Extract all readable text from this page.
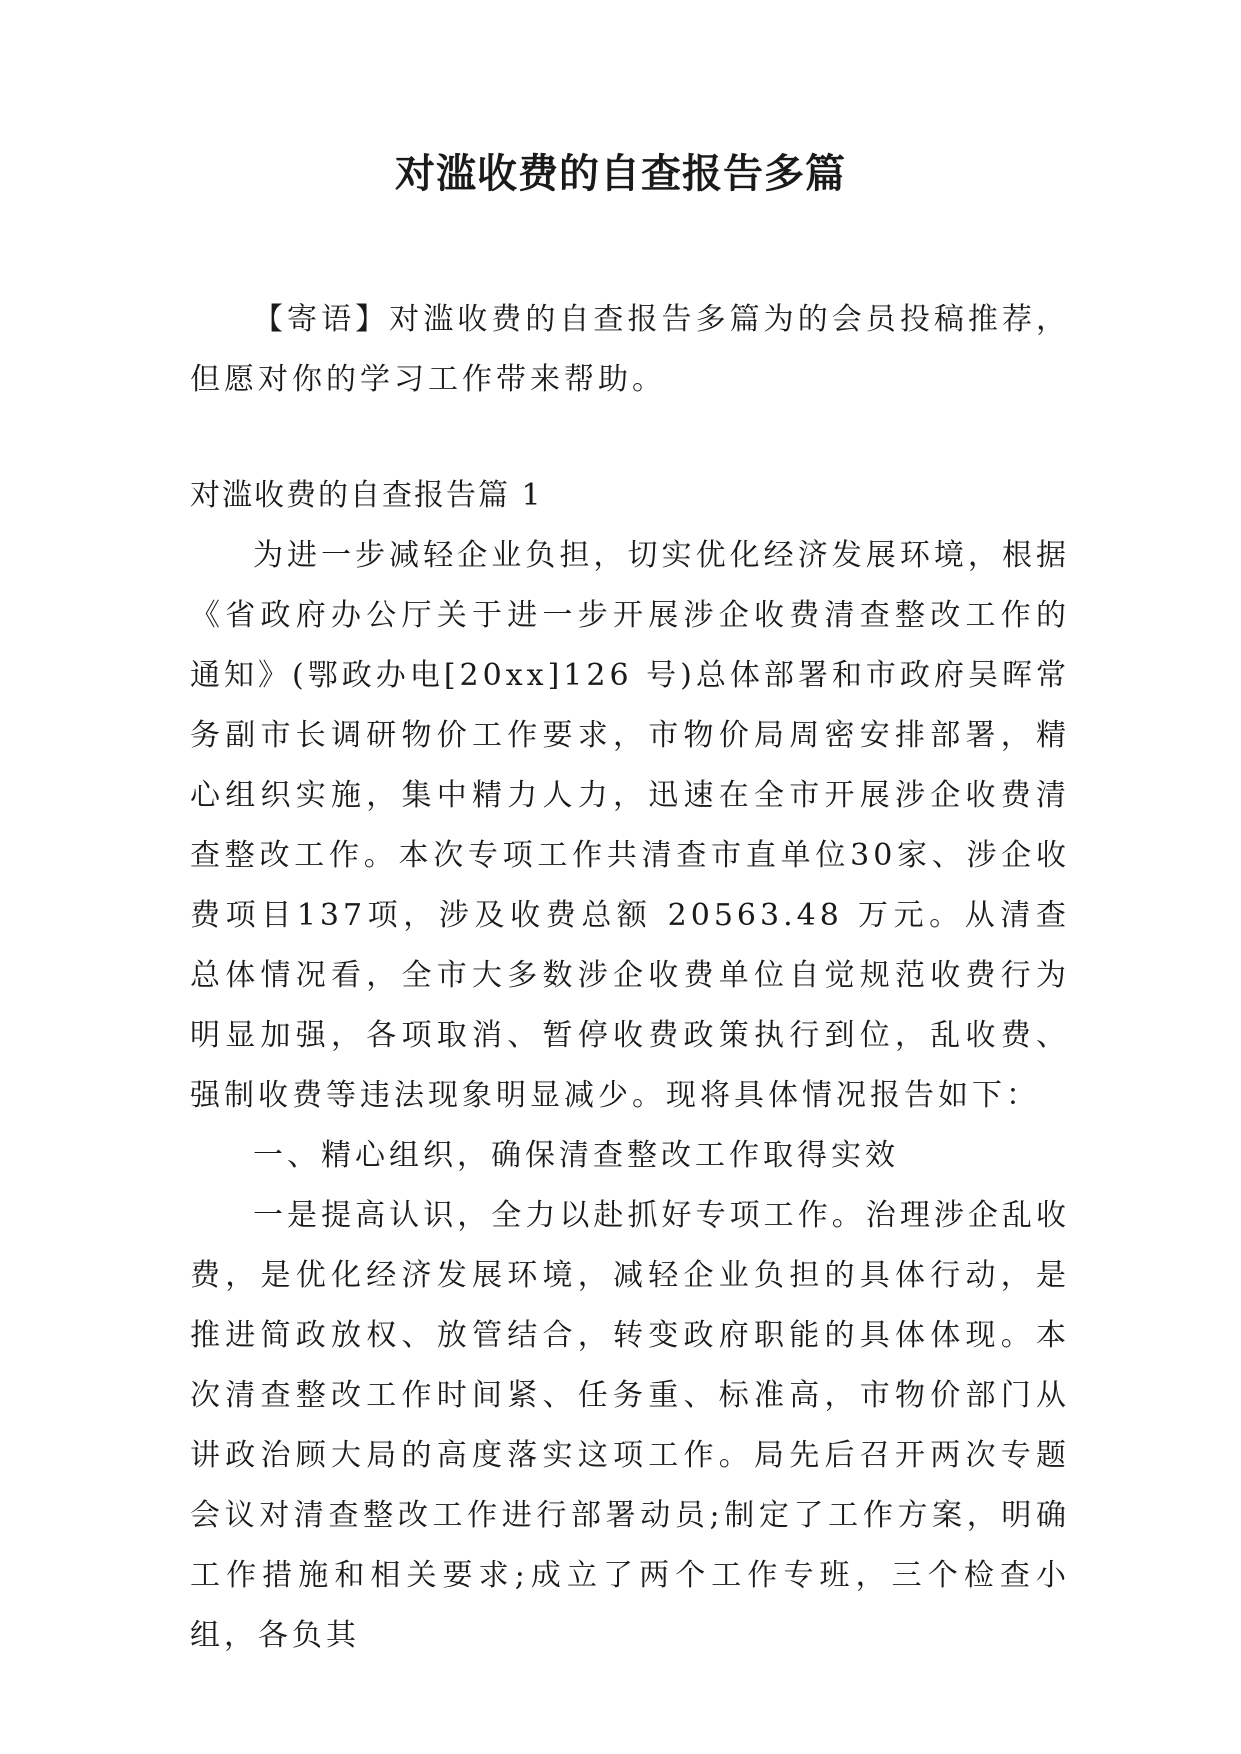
对滥收费的自查报告多篇
【寄语】对滥收费的自查报告多篇为的会员投稿推荐，但愿对你的学习工作带来帮助。
对滥收费的自查报告篇 1

为进一步减轻企业负担，切实优化经济发展环境，根据《省政府办公厅关于进一步开展涉企收费清查整改工作的通知》(鄂政办电[20xx]126 号)总体部署和市政府吴晖常务副市长调研物价工作要求，市物价局周密安排部署，精心组织实施，集中精力人力，迅速在全市开展涉企收费清查整改工作。本次专项工作共清查市直单位30家、涉企收费项目137项，涉及收费总额 20563.48 万元。从清查总体情况看，全市大多数涉企收费单位自觉规范收费行为明显加强，各项取消、暂停收费政策执行到位，乱收费、强制收费等违法现象明显减少。现将具体情况报告如下：

一、精心组织，确保清查整改工作取得实效

一是提高认识，全力以赴抓好专项工作。治理涉企乱收费，是优化经济发展环境，减轻企业负担的具体行动，是推进简政放权、放管结合，转变政府职能的具体体现。本次清查整改工作时间紧、任务重、标准高，市物价部门从讲政治顾大局的高度落实这项工作。局先后召开两次专题会议对清查整改工作进行部署动员;制定了工作方案，明确工作措施和相关要求;成立了两个工作专班，三个检查小组，各负其
